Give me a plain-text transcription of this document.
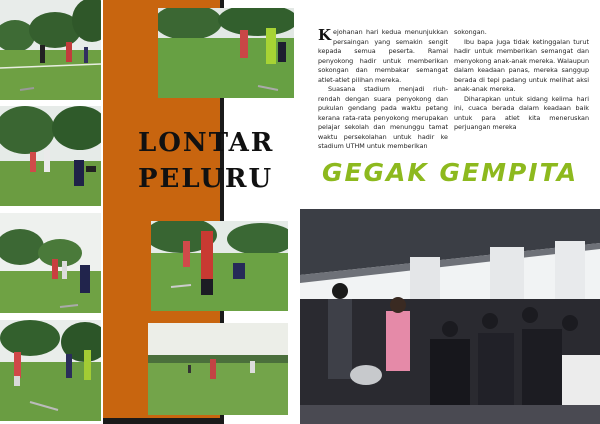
LONTAR
PELURU

Kejohanan hari kedua menunjukkan persaingan yang semakin sengit kepada semua peserta. Ramai penyokong hadir untuk memberikan sokongan dan membakar semangat atlet-atlet pilihan mereka.

Suasana stadium menjadi riuh-rendah dengan suara penyokong dan pukulan gendang pada waktu petang kerana rata-rata penyokong merupakan pelajar sekolah dan menunggu tamat waktu persekolahan untuk hadir ke stadium UTHM untuk memberikan

sokongan.

Ibu bapa juga tidak ketinggalan turut hadir untuk memberikan semangat dan menyokong anak-anak mereka. Walaupun dalam keadaan panas, mereka sanggup berada di tepi padang untuk melihat aksi anak-anak mereka.

Diharapkan untuk sidang kelima hari ini, cuaca berada dalam keadaan baik untuk para atlet kita meneruskan perjuangan mereka

GEGAK GEMPITA
